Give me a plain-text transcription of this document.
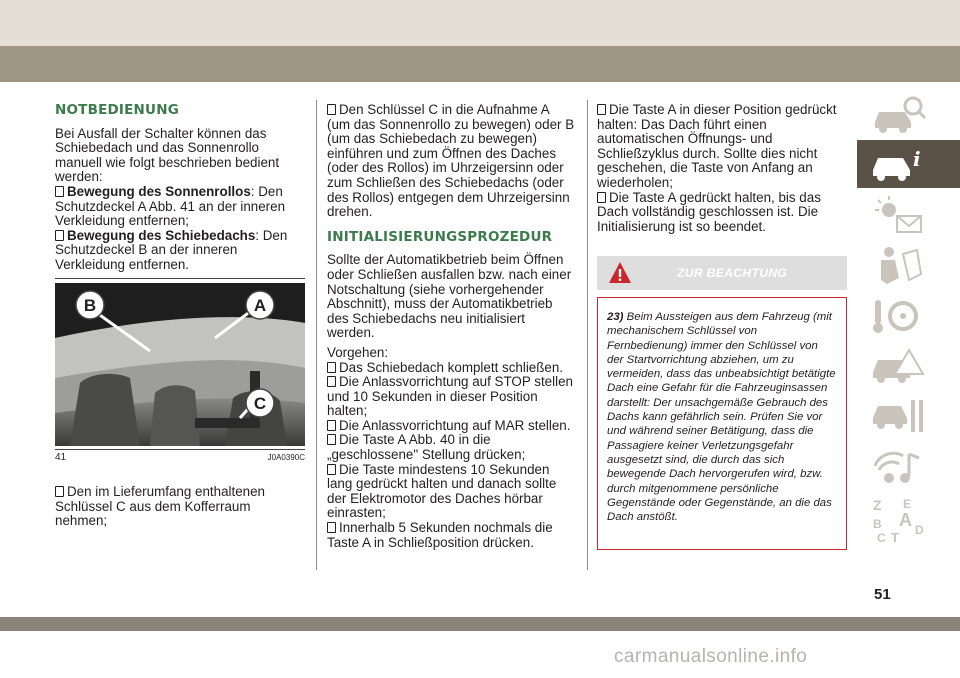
NOTBEDIENUNG

Bei Ausfall der Schalter können das Schiebedach und das Sonnenrollo manuell wie folgt beschrieben bedient werden:

Bewegung des Sonnenrollos: Den Schutzdeckel A Abb. 41 an der inneren Verkleidung entfernen;

Bewegung des Schiebedachs: Den Schutzdeckel B an der inneren Verkleidung entfernen.

B	A
C
41	J0A0390C

Den im Lieferumfang enthaltenen Schlüssel C aus dem Kofferraum nehmen;

Den Schlüssel C in die Aufnahme A (um das Sonnenrollo zu bewegen) oder B (um das Schiebedach zu bewegen) einführen und zum Öffnen des Daches (oder des Rollos) im Uhrzeigersinn oder zum Schließen des Schiebedachs (oder des Rollos) entgegen dem Uhrzeigersinn drehen.

INITIALISIERUNGSPROZEDUR

Sollte der Automatikbetrieb beim Öffnen oder Schließen ausfallen bzw. nach einer Notschaltung (siehe vorhergehender Abschnitt), muss der Automatikbetrieb des Schiebedachs neu initialisiert werden.

Vorgehen:

Das Schiebedach komplett schließen.

Die Anlassvorrichtung auf STOP stellen und 10 Sekunden in dieser Position halten;

Die Anlassvorrichtung auf MAR stellen.

Die Taste A Abb. 40 in die „geschlossene" Stellung drücken;

Die Taste mindestens 10 Sekunden lang gedrückt halten und danach sollte der Elektromotor des Daches hörbar einrasten;

Innerhalb 5 Sekunden nochmals die Taste A in Schließposition drücken.

Die Taste A in dieser Position gedrückt halten: Das Dach führt einen automatischen Öffnungs- und Schließzyklus durch. Sollte dies nicht geschehen, die Taste von Anfang an wiederholen;

Die Taste A gedrückt halten, bis das Dach vollständig geschlossen ist. Die Initialisierung ist so beendet.

ZUR BEACHTUNG

23) Beim Aussteigen aus dem Fahrzeug (mit mechanischem Schlüssel von Fernbedienung) immer den Schlüssel von der Startvorrichtung abziehen, um zu vermeiden, dass das unbeabsichtigt betätigte Dach eine Gefahr für die Fahrzeuginsassen darstellt: Der unsachgemäße Gebrauch des Dachs kann gefährlich sein. Prüfen Sie vor und während seiner Betätigung, dass die Passagiere keiner Verletzungsgefahr ausgesetzt sind, die durch das sich bewegende Dach hervorgerufen wird, bzw. durch mitgenommene persönliche Gegenstände oder Gegenstände, an die das Dach anstößt.

i
Z E
A
B	D
C T
51
carmanualsonline.info
